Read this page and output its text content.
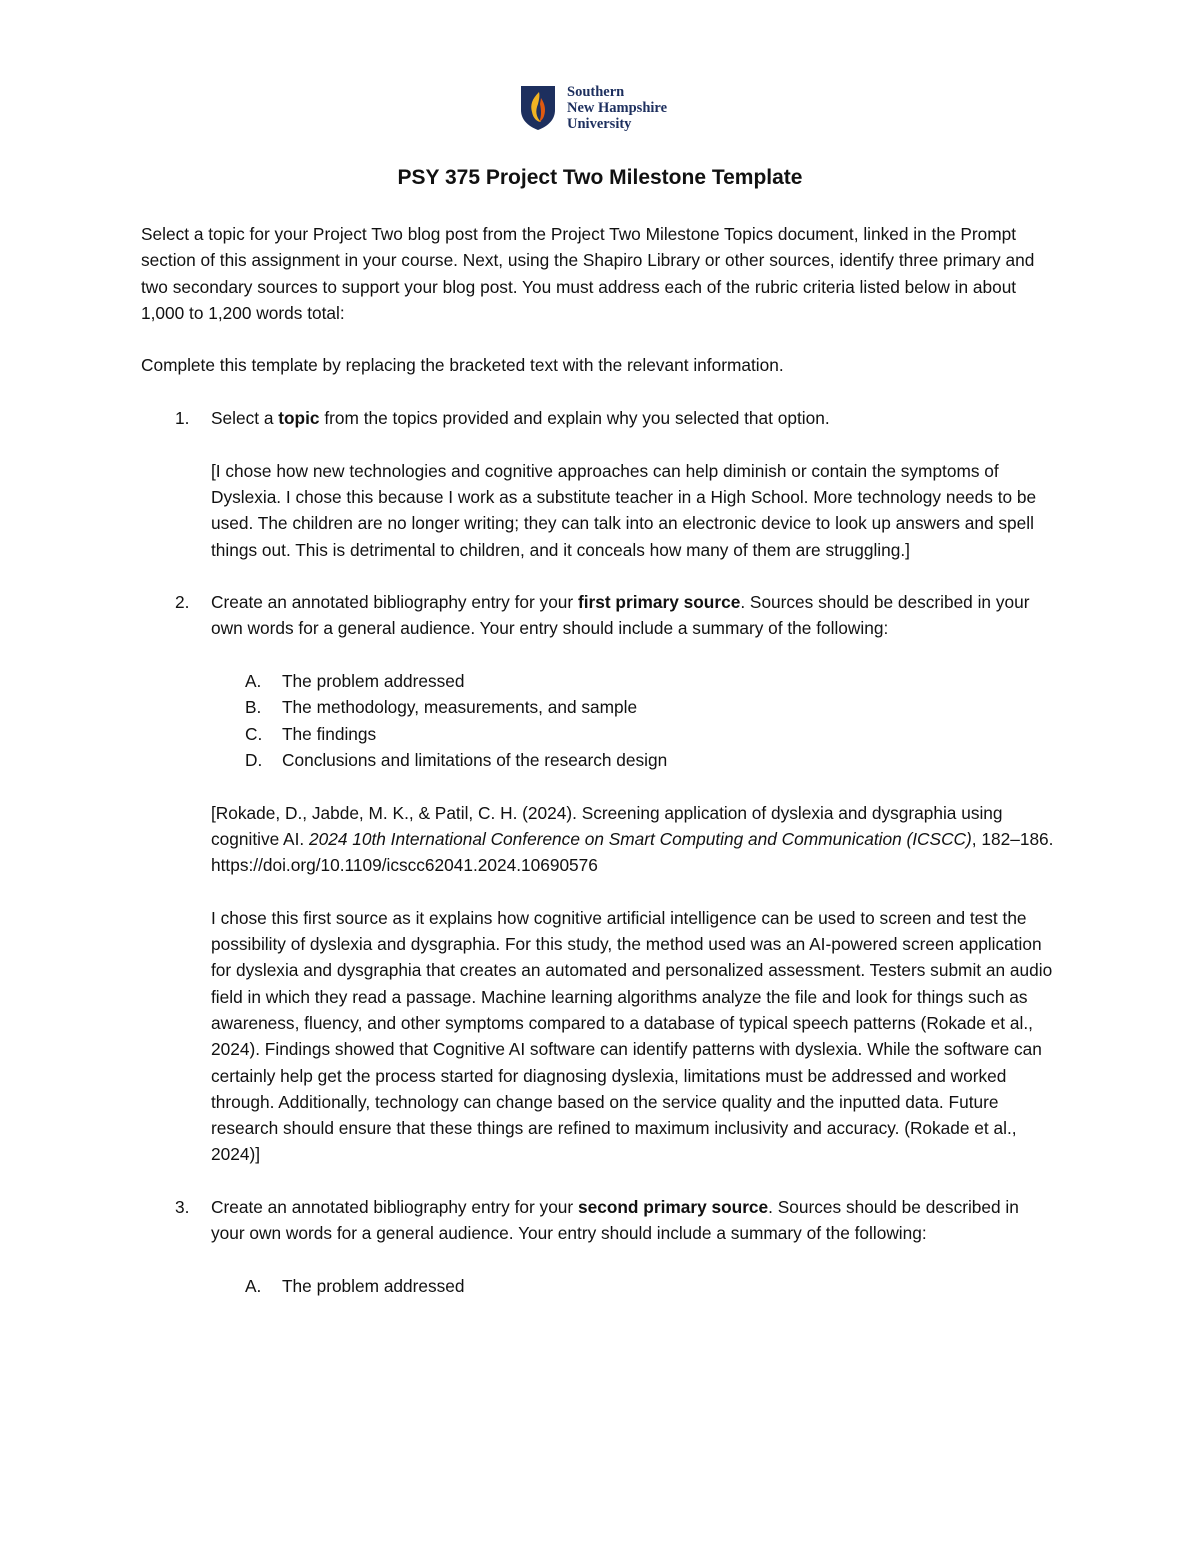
Southern
New Hampshire
University
PSY 375 Project Two Milestone Template

Select a topic for your Project Two blog post from the Project Two Milestone Topics document, linked in the Prompt section of this assignment in your course. Next, using the Shapiro Library or other sources, identify three primary and two secondary sources to support your blog post. You must address each of the rubric criteria listed below in about 1,000 to 1,200 words total:

Complete this template by replacing the bracketed text with the relevant information.

1. Select a topic from the topics provided and explain why you selected that option.

[I chose how new technologies and cognitive approaches can help diminish or contain the symptoms of Dyslexia. I chose this because I work as a substitute teacher in a High School. More technology needs to be used. The children are no longer writing; they can talk into an electronic device to look up answers and spell things out. This is detrimental to children, and it conceals how many of them are struggling.]

2. Create an annotated bibliography entry for your first primary source. Sources should be described in your own words for a general audience. Your entry should include a summary of the following:

A. The problem addressed

B. The methodology, measurements, and sample

C. The findings

D. Conclusions and limitations of the research design

[Rokade, D., Jabde, M. K., & Patil, C. H. (2024). Screening application of dyslexia and dysgraphia using cognitive AI. 2024 10th International Conference on Smart Computing and Communication (ICSCC), 182–186. https://doi.org/10.1109/icscc62041.2024.10690576

I chose this first source as it explains how cognitive artificial intelligence can be used to screen and test the possibility of dyslexia and dysgraphia. For this study, the method used was an AI-powered screen application for dyslexia and dysgraphia that creates an automated and personalized assessment. Testers submit an audio field in which they read a passage. Machine learning algorithms analyze the file and look for things such as awareness, fluency, and other symptoms compared to a database of typical speech patterns (Rokade et al., 2024). Findings showed that Cognitive AI software can identify patterns with dyslexia. While the software can certainly help get the process started for diagnosing dyslexia, limitations must be addressed and worked through. Additionally, technology can change based on the service quality and the inputted data. Future research should ensure that these things are refined to maximum inclusivity and accuracy. (Rokade et al., 2024)]

3. Create an annotated bibliography entry for your second primary source. Sources should be described in your own words for a general audience. Your entry should include a summary of the following:

A. The problem addressed
